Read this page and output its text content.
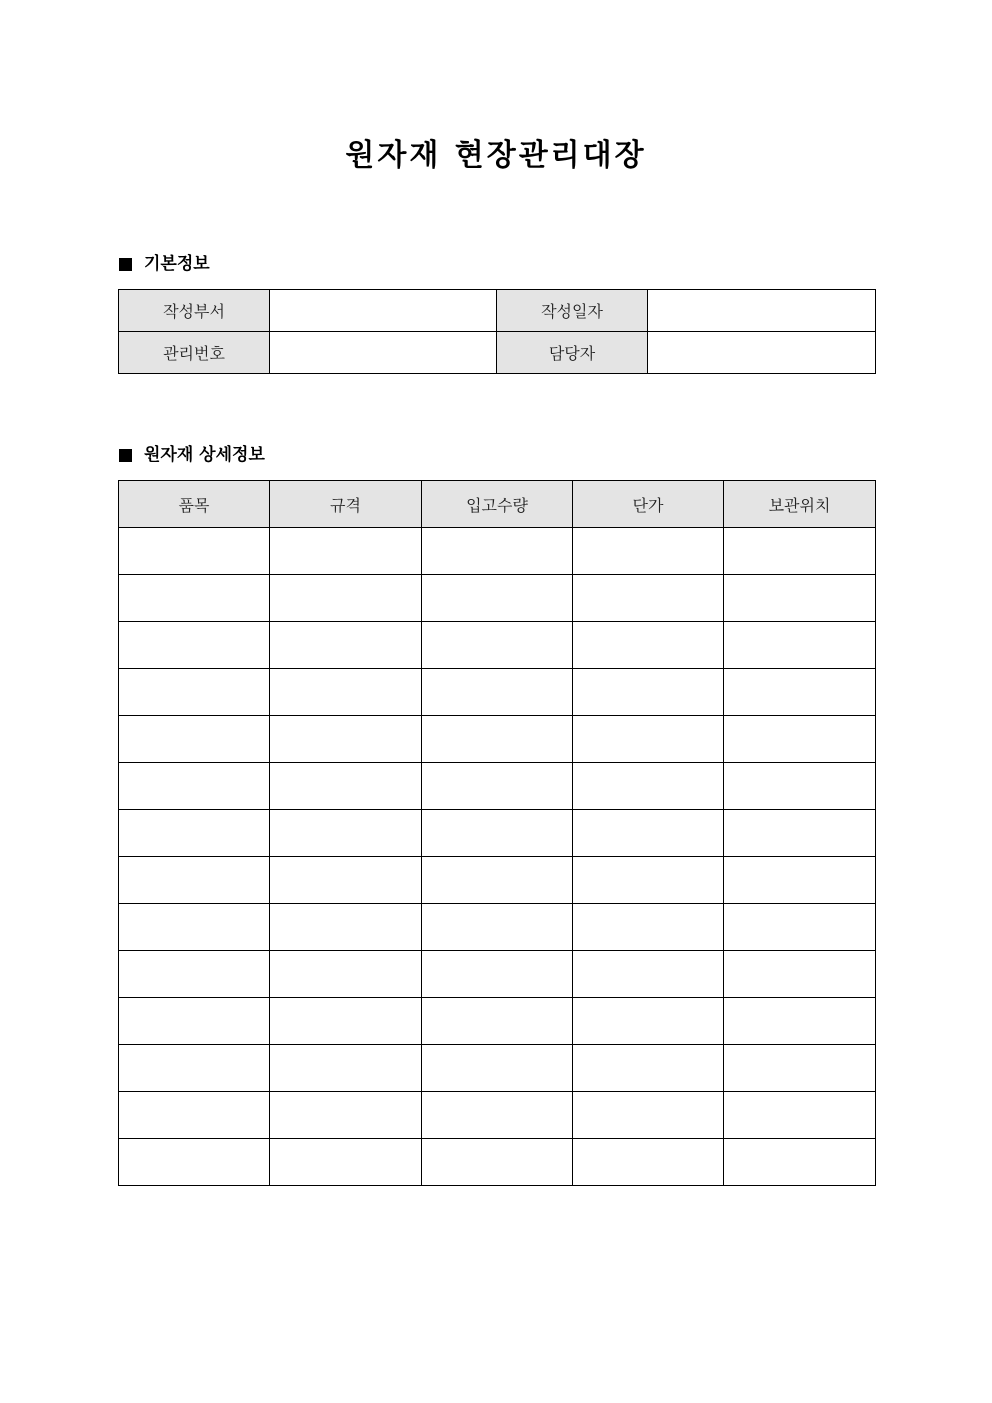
원자재 현장관리대장
기본정보
작성부서		작성일자	
관리번호		담당자	
원자재 상세정보
품목	규격	입고수량	단가	보관위치
